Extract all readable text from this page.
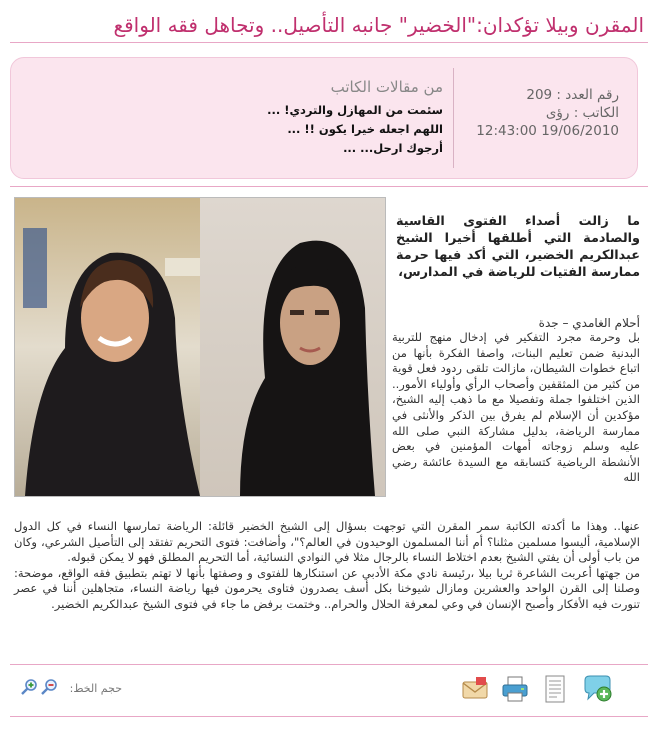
المقرن وبيلا تؤكدان:"الخضير" جانبه التأصيل.. وتجاهل فقه الواقع
رقم العدد : 209
الكاتب : رؤى
12:43:00 19/06/2010
من مقالات الكاتب
سئمت من المهازل والتردي! ...
اللهم اجعله خيرا يكون !! ...
أرجوك ارحل... ...
ما زالت أصداء الفتوى القاسية والصادمة التي أطلقها أخيرا الشيخ عبدالكريم الخضير، التي أكد فيها حرمة ممارسة الفتيات للرياضة في المدارس،
أحلام الغامدي – جدة
بل وحرمة مجرد التفكير في إدخال منهج للتربية البدنية ضمن تعليم البنات، واصفا الفكرة بأنها من اتباع خطوات الشيطان، مازالت تلقى ردود فعل قوية من كثير من المثقفين وأصحاب الرأي وأولياء الأمور.. الذين اختلفوا جملة وتفصيلا مع ما ذهب إليه الشيخ، مؤكدين أن الإسلام لم يفرق بين الذكر والأنثى في ممارسة الرياضة، بدليل مشاركة النبي صلى الله عليه وسلم زوجاته أمهات المؤمنين في بعض الأنشطة الرياضية كتسابقه مع السيدة عائشة رضي الله

عنها.. وهذا ما أكدته الكاتبة سمر المقرن التي توجهت بسؤال إلى الشيخ الخضير قائلة: الرياضة تمارسها النساء في كل الدول الإسلامية، أليسوا مسلمين مثلنا؟ أم أننا المسلمون الوحيدون في العالم؟"، وأضافت: فتوى التحريم تفتقد إلى التأصيل الشرعي، وكان من باب أولى أن يفتي الشيخ بعدم اختلاط النساء بالرجال مثلا في النوادي النسائية، أما التحريم المطلق فهو لا يمكن قبوله.

من جهتها أعربت الشاعرة ثريا بيلا ،رئيسة نادي مكة الأدبي عن استنكارها للفتوى و وصفتها بأنها لا تهتم بتطبيق فقه الواقع، موضحة: وصلنا إلى القرن الواحد والعشرين ومازال شيوخنا بكل أسف يصدرون فتاوى يحرمون فيها رياضة النساء، متجاهلين أننا في عصر تنورت فيه الأفكار وأصبح الإنسان في وعي لمعرفة الحلال والحرام.. وختمت برفض ما جاء في فتوى الشيخ عبدالكريم الخضير.

حجم الخط:
